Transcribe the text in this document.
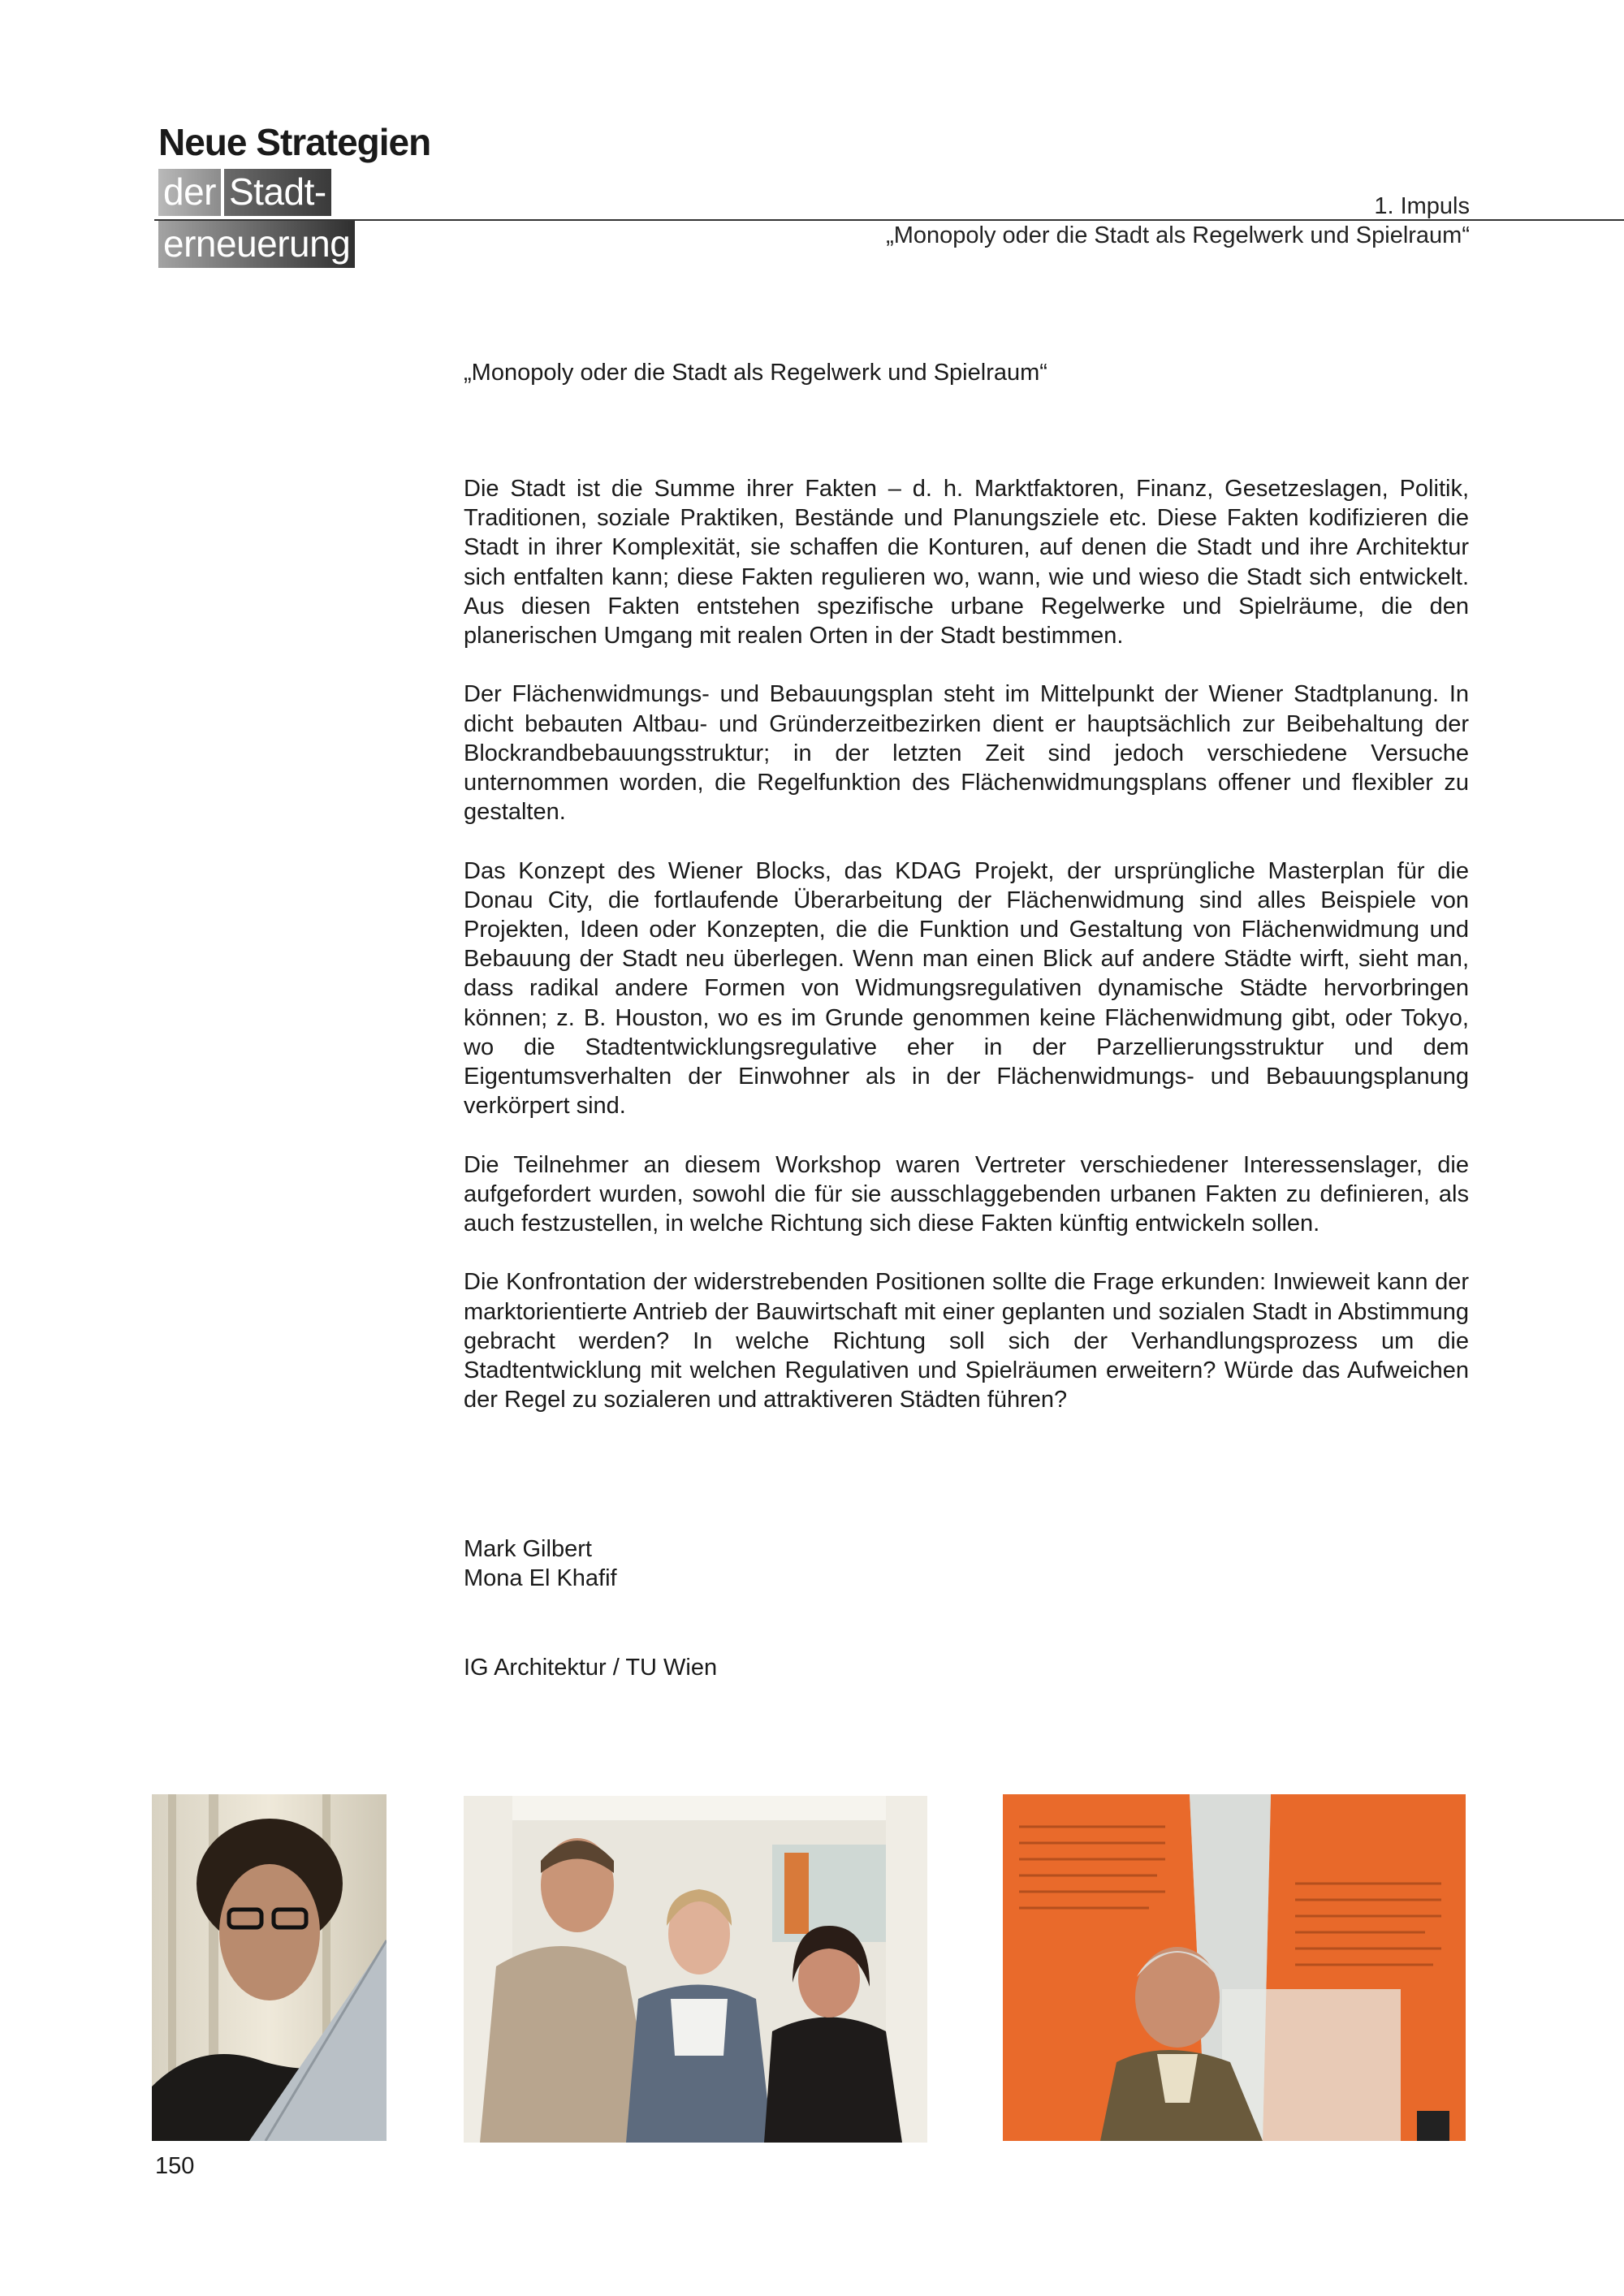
Neue Strategien
der Stadt-
erneuerung
1. Impuls
„Monopoly oder die Stadt als Regelwerk und Spielraum“
„Monopoly oder die Stadt als Regelwerk und Spielraum“

Die Stadt ist die Summe ihrer Fakten – d. h. Marktfaktoren, Finanz, Gesetzeslagen, Politik, Traditionen, soziale Praktiken, Bestände und Planungsziele etc. Diese Fakten kodifizieren die Stadt in ihrer Komplexität, sie schaffen die Konturen, auf denen die Stadt und ihre Architektur sich entfalten kann; diese Fakten regulieren wo, wann, wie und wieso die Stadt sich entwickelt. Aus diesen Fakten entstehen spezifische urbane Regelwerke und Spielräume, die den planerischen Umgang mit realen Orten in der Stadt bestimmen.

Der Flächenwidmungs- und Bebauungsplan steht im Mittelpunkt der Wiener Stadtplanung. In dicht bebauten Altbau- und Gründerzeitbezirken dient er hauptsächlich zur Beibehaltung der Blockrandbebauungsstruktur; in der letzten Zeit sind jedoch verschiedene Versuche unternommen worden, die Regelfunktion des Flächenwidmungsplans offener und flexibler zu gestalten.

Das Konzept des Wiener Blocks, das KDAG Projekt, der ursprüngliche Masterplan für die Donau City, die fortlaufende Überarbeitung der Flächenwidmung sind alles Beispiele von Projekten, Ideen oder Konzepten, die die Funktion und Gestaltung von Flächenwidmung und Bebauung der Stadt neu überlegen. Wenn man einen Blick auf andere Städte wirft, sieht man, dass radikal andere Formen von Widmungsregulativen dynamische Städte hervorbringen können; z. B. Houston, wo es im Grunde genommen keine Flächenwidmung gibt, oder Tokyo, wo die Stadtentwicklungsregulative eher in der Parzellierungsstruktur und dem Eigentumsverhalten der Einwohner als in der Flächenwidmungs- und Bebauungsplanung verkörpert sind.

Die Teilnehmer an diesem Workshop waren Vertreter verschiedener Interessenslager, die aufgefordert wurden, sowohl die für sie ausschlaggebenden urbanen Fakten zu definieren, als auch festzustellen, in welche Richtung sich diese Fakten künftig entwickeln sollen.

Die Konfrontation der widerstrebenden Positionen sollte die Frage erkunden: Inwieweit kann der marktorientierte Antrieb der Bauwirtschaft mit einer geplanten und sozialen Stadt in Abstimmung gebracht werden? In welche Richtung soll sich der Verhandlungsprozess um die Stadtentwicklung mit welchen Regulativen und Spielräumen erweitern? Würde das Aufweichen der Regel zu sozialeren und attraktiveren Städten führen?

Mark Gilbert
Mona El Khafif
IG Architektur / TU Wien
150
